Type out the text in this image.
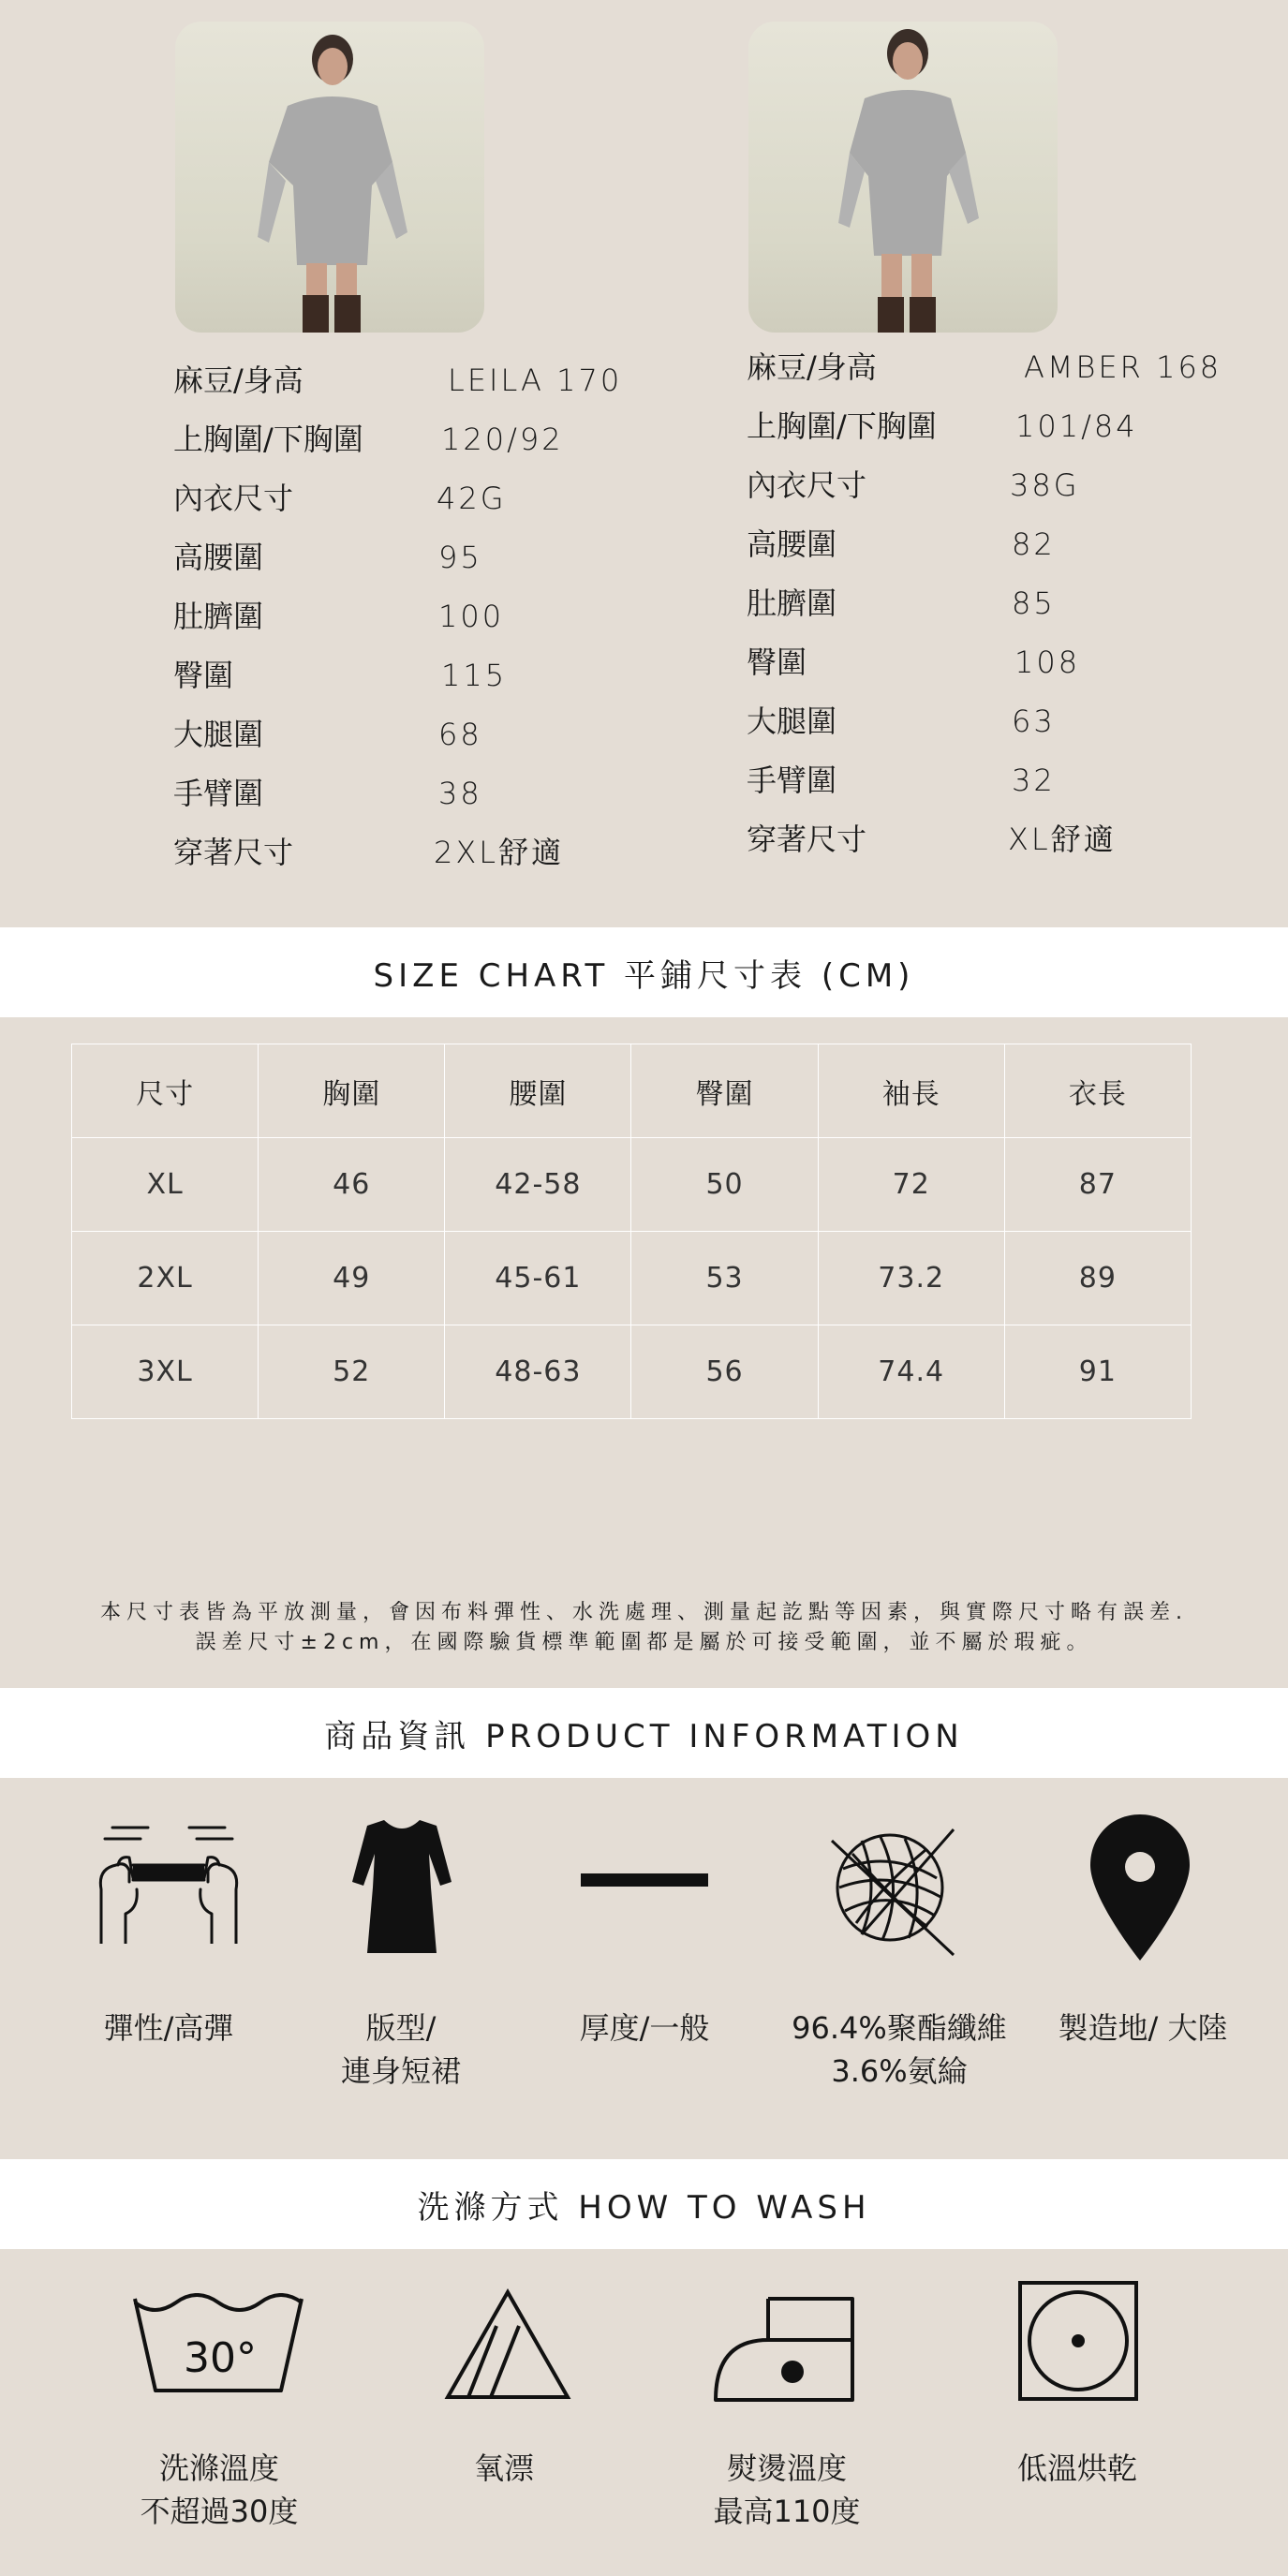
麻豆/身高	LEILA 170
上胸圍/下胸圍	120/92
內衣尺寸	42G
高腰圍	95
肚臍圍	100
臀圍	115
大腿圍	68
手臂圍	38
穿著尺寸	2XL舒適
麻豆/身高	AMBER 168
上胸圍/下胸圍	101/84
內衣尺寸	38G
高腰圍	82
肚臍圍	85
臀圍	108
大腿圍	63
手臂圍	32
穿著尺寸	XL舒適
SIZE CHART 平鋪尺寸表 (CM)
尺寸	胸圍	腰圍	臀圍	袖長	衣長
XL	46	42-58	50	72	87
2XL	49	45-61	53	73.2	89
3XL	52	48-63	56	74.4	91
本尺寸表皆為平放測量，會因布料彈性、水洗處理、測量起訖點等因素，與實際尺寸略有誤差.
誤差尺寸±2cm，在國際驗貨標準範圍都是屬於可接受範圍，並不屬於瑕疵。
商品資訊 PRODUCT INFORMATION
彈性/高彈	版型/
連身短裙
厚度/一般	96.4%聚酯纖維
3.6%氨綸
製造地/ 大陸
洗滌方式 HOW TO WASH
30°
洗滌溫度
不超過30度
氧漂	熨燙溫度
最高110度
低溫烘乾
